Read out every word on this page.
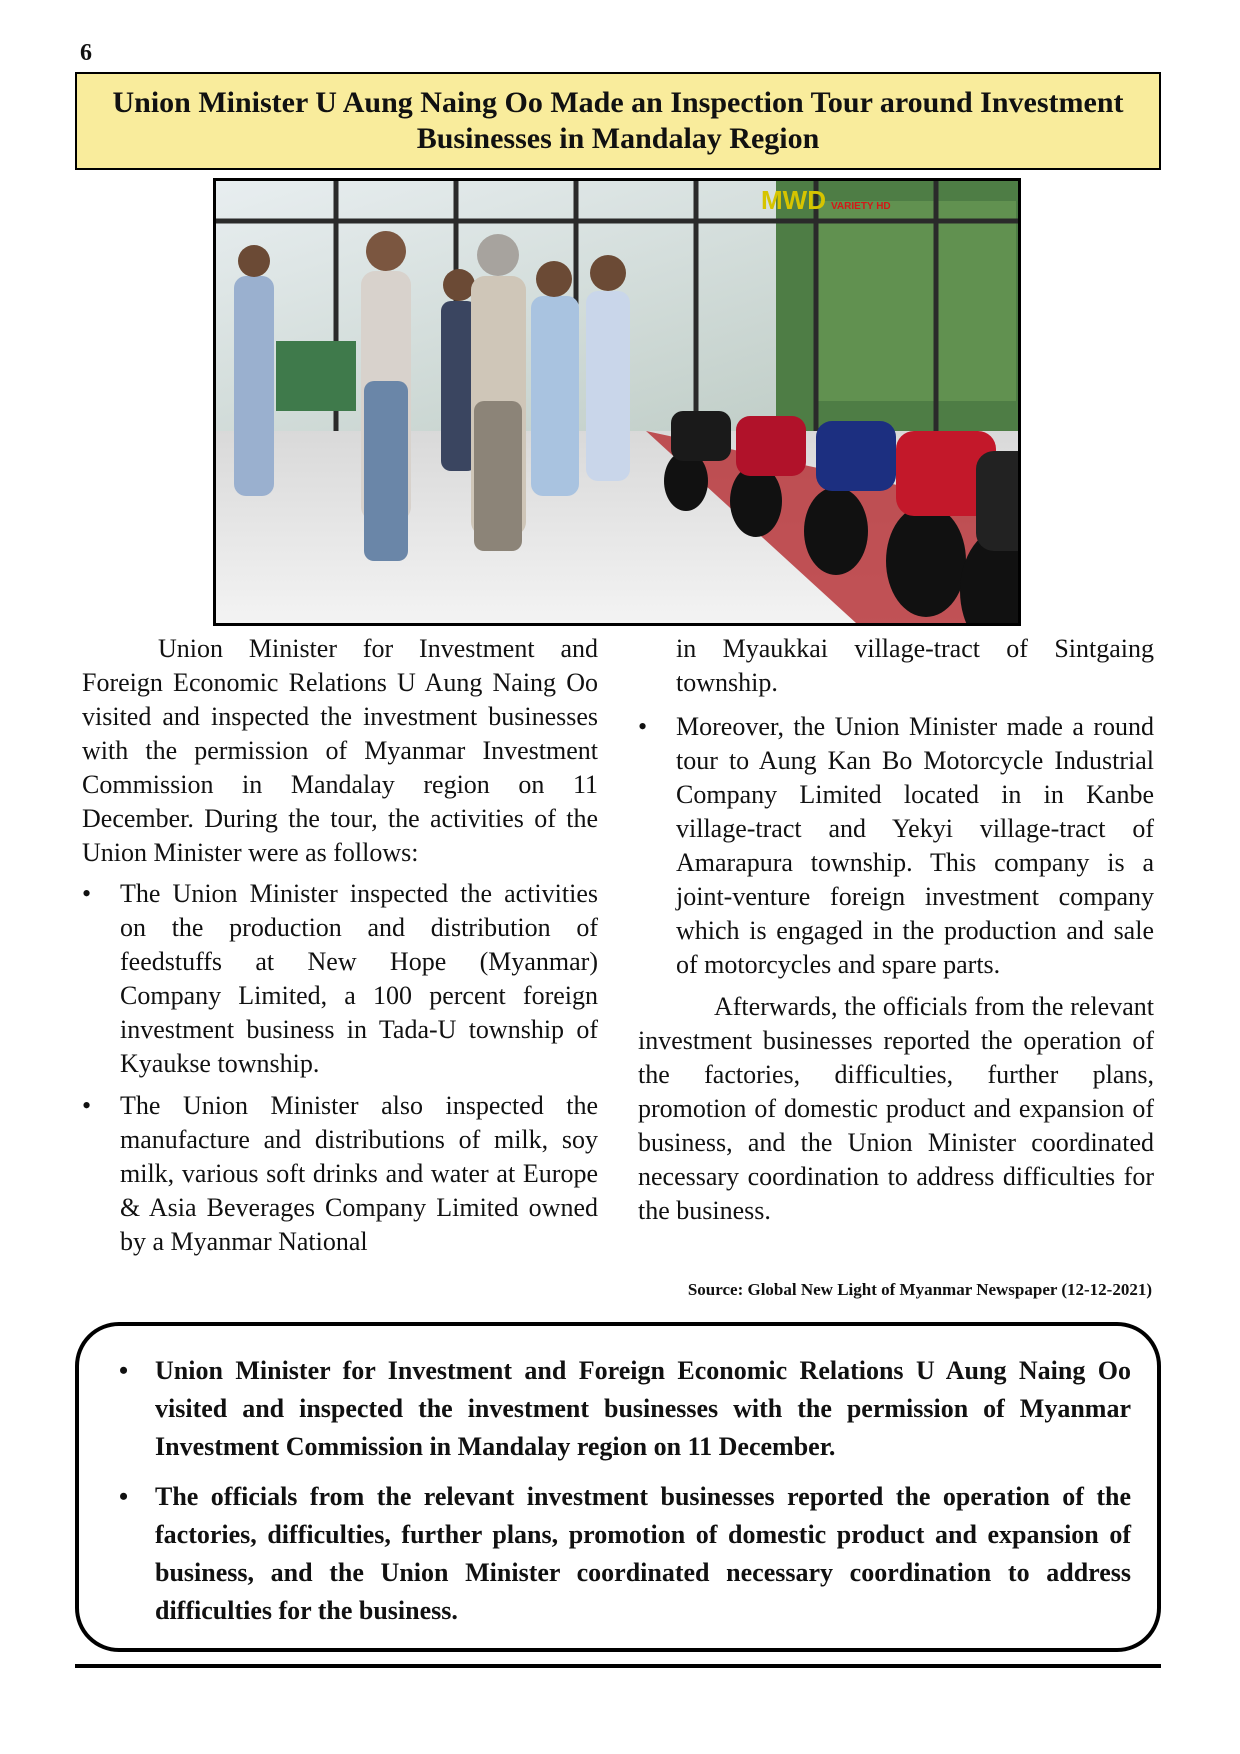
6
Union Minister U Aung Naing Oo Made an Inspection Tour around Investment Businesses in Mandalay Region
MWD VARIETY HD

Union Minister for Investment and Foreign Economic Relations U Aung Naing Oo visited and inspected the investment businesses with the permission of Myanmar Investment Commission in Mandalay region on 11 December. During the tour, the activities of the Union Minister were as follows:

• The Union Minister inspected the activities on the production and distribution of feedstuffs at New Hope (Myanmar) Company Limited, a 100 percent foreign investment business in Tada-U township of Kyaukse township.
• The Union Minister also inspected the manufacture and distributions of milk, soy milk, various soft drinks and water at Europe & Asia Beverages Company Limited owned by a Myanmar National

in Myaukkai village-tract of Sintgaing township.

• Moreover, the Union Minister made a round tour to Aung Kan Bo Motorcycle Industrial Company Limited located in in Kanbe village-tract and Yekyi village-tract of Amarapura township. This company is a joint-venture foreign investment company which is engaged in the production and sale of motorcycles and spare parts.

Afterwards, the officials from the relevant investment businesses reported the operation of the factories, difficulties, further plans, promotion of domestic product and expansion of business, and the Union Minister coordinated necessary coordination to address difficulties for the business.

Source: Global New Light of Myanmar Newspaper (12-12-2021)
• Union Minister for Investment and Foreign Economic Relations U Aung Naing Oo visited and inspected the investment businesses with the permission of Myanmar Investment Commission in Mandalay region on 11 December.
• The officials from the relevant investment businesses reported the operation of the factories, difficulties, further plans, promotion of domestic product and expansion of business, and the Union Minister coordinated necessary coordination to address difficulties for the business.
